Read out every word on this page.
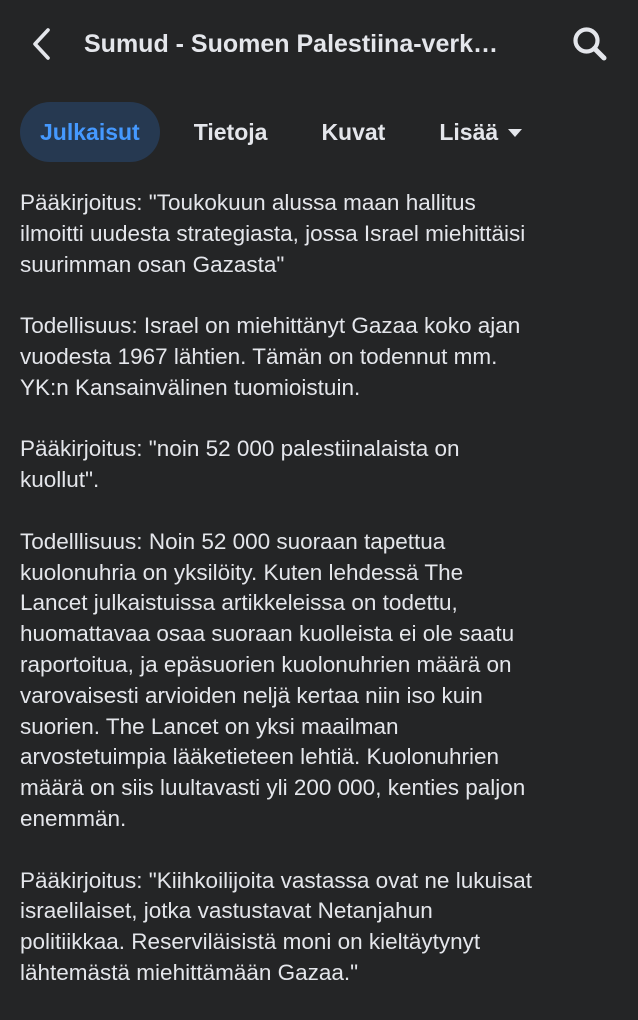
Sumud - Suomen Palestiina-verk…
Julkaisut Tietoja Kuvat Lisää

Pääkirjoitus: "Toukokuun alussa maan hallitus
ilmoitti uudesta strategiasta, jossa Israel miehittäisi
suurimman osan Gazasta"

Todellisuus: Israel on miehittänyt Gazaa koko ajan
vuodesta 1967 lähtien. Tämän on todennut mm.
YK:n Kansainvälinen tuomioistuin.

Pääkirjoitus: "noin 52 000 palestiinalaista on
kuollut".

Todelllisuus: Noin 52 000 suoraan tapettua
kuolonuhria on yksilöity. Kuten lehdessä The
Lancet julkaistuissa artikkeleissa on todettu,
huomattavaa osaa suoraan kuolleista ei ole saatu
raportoitua, ja epäsuorien kuolonuhrien määrä on
varovaisesti arvioiden neljä kertaa niin iso kuin
suorien. The Lancet on yksi maailman
arvostetuimpia lääketieteen lehtiä. Kuolonuhrien
määrä on siis luultavasti yli 200 000, kenties paljon
enemmän.

Pääkirjoitus: "Kiihkoilijoita vastassa ovat ne lukuisat
israelilaiset, jotka vastustavat Netanjahun
politiikkaa. Reserviläisistä moni on kieltäytynyt
lähtemästä miehittämään Gazaa."
